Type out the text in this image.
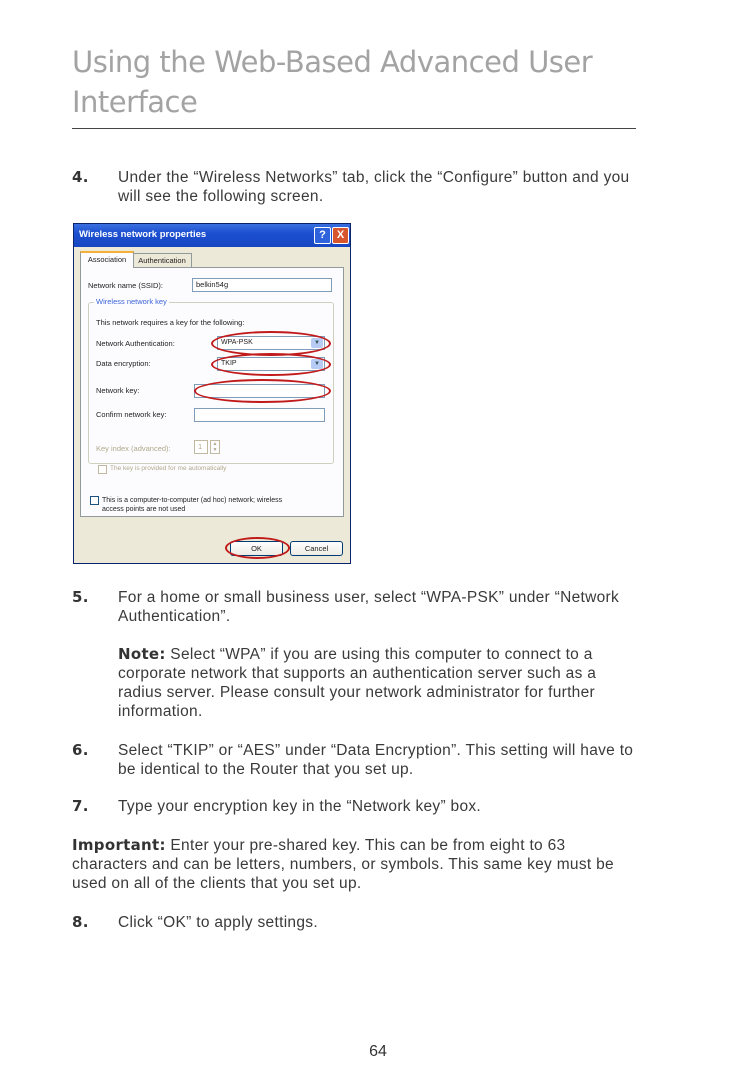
Using the Web-Based Advanced User Interface
4. Under the “Wireless Networks” tab, click the “Configure” button and you will see the following screen.
Wireless network properties	? X
Association	Authentication
Network name (SSID):	belkin54g
Wireless network key
This network requires a key for the following:
Network Authentication:	WPA-PSK	▼
Data encryption:	TKIP	▼
Network key:
Confirm network key:
Key index (advanced):	1	▲
▼
The key is provided for me automatically
This is a computer-to-computer (ad hoc) network; wireless
access points are not used
OK	Cancel
5. For a home or small business user, select “WPA-PSK” under “Network Authentication”.
Note: Select “WPA” if you are using this computer to connect to a corporate network that supports an authentication server such as a radius server. Please consult your network administrator for further information.
6. Select “TKIP” or “AES” under “Data Encryption”. This setting will have to be identical to the Router that you set up.
7. Type your encryption key in the “Network key” box.
Important: Enter your pre-shared key. This can be from eight to 63 characters and can be letters, numbers, or symbols. This same key must be used on all of the clients that you set up.
8. Click “OK” to apply settings.
64
